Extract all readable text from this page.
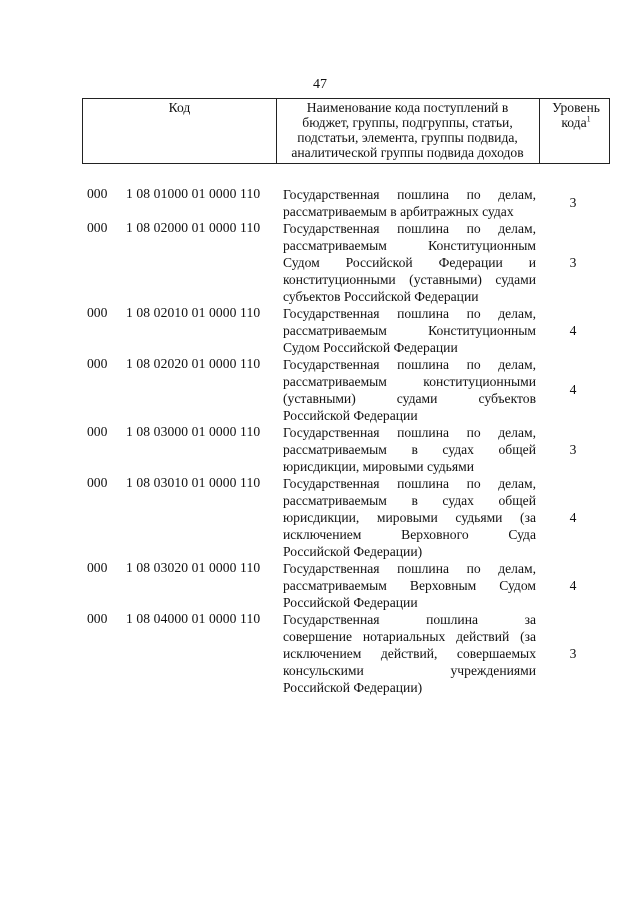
47
Код	Наименование кода поступлений в
бюджет, группы, подгруппы, статьи,
подстатьи, элемента, группы подвида,
аналитической группы подвида доходов
Уровень
кода$^1$
000 1 08 01000 01 0000 110 Государственная пошлина по делам,
рассматриваемым в арбитражных судах
3
000 1 08 02000 01 0000 110 Государственная пошлина по делам,
рассматриваемым Конституционным
Судом Российской Федерации и
конституционными (уставными) судами
субъектов Российской Федерации
3
000 1 08 02010 01 0000 110 Государственная пошлина по делам,
рассматриваемым Конституционным
Судом Российской Федерации
4
000 1 08 02020 01 0000 110 Государственная пошлина по делам,
рассматриваемым конституционными
(уставными) судами субъектов
Российской Федерации
4
000 1 08 03000 01 0000 110 Государственная пошлина по делам,
рассматриваемым в судах общей
юрисдикции, мировыми судьями
3
000 1 08 03010 01 0000 110 Государственная пошлина по делам,
рассматриваемым в судах общей
юрисдикции, мировыми судьями (за
исключением Верховного Суда
Российской Федерации)
4
000 1 08 03020 01 0000 110 Государственная пошлина по делам,
рассматриваемым Верховным Судом
Российской Федерации
4
000 1 08 04000 01 0000 110 Государственная пошлина за
совершение нотариальных действий (за
исключением действий, совершаемых
консульскими учреждениями
Российской Федерации)
3
